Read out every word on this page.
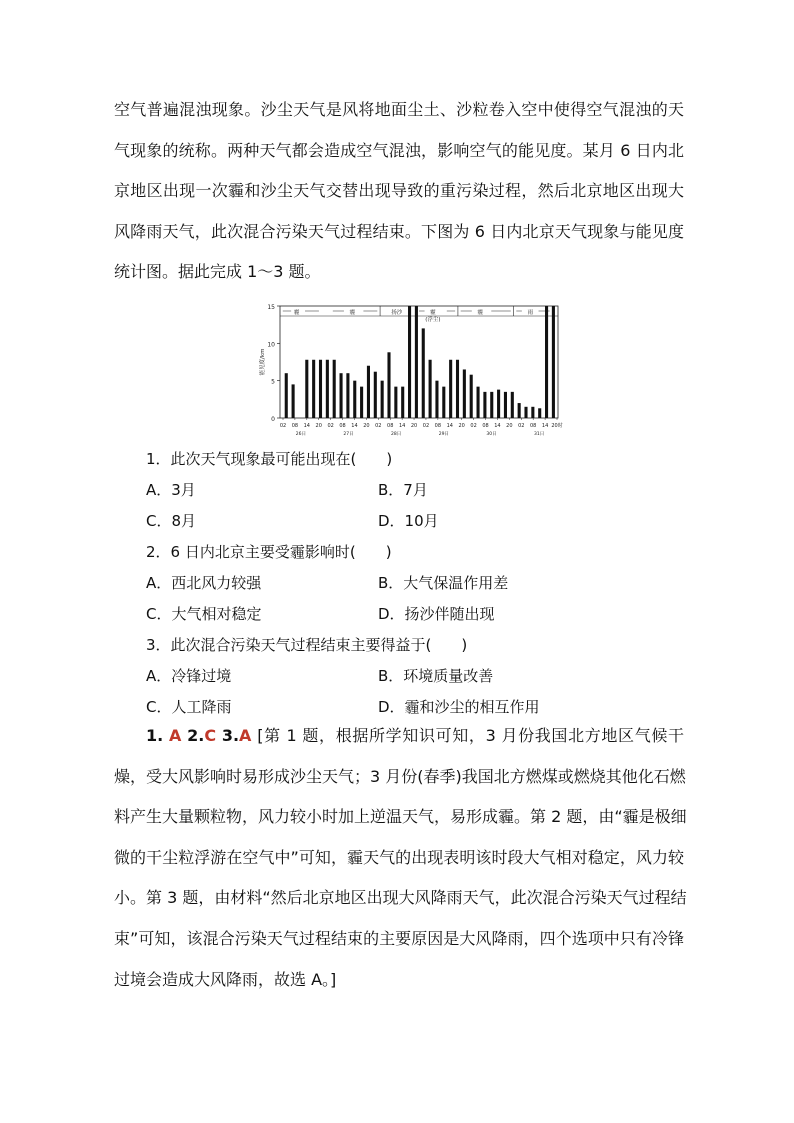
空气普遍混浊现象。沙尘天气是风将地面尘土、沙粒卷入空中使得空气混浊的天
气现象的统称。两种天气都会造成空气混浊，影响空气的能见度。某月 6 日内北
京地区出现一次霾和沙尘天气交替出现导致的重污染过程，然后北京地区出现大
风降雨天气，此次混合污染天气过程结束。下图为 6 日内北京天气现象与能见度
统计图。据此完成 1～3 题。
0
5
10
15
能见度/km
02 08 14 20 02 08 14 20 02 08 14 20 02 08 14 20 02 08 14 20 02 08 14 20时
26日	27日	28日	29日	30日	31日
霾	霾	扬沙	霾
(浮尘)
霾	雨
1．此次天气现象最可能出现在(　　)
A．3月	B．7月
C．8月	D．10月
2．6 日内北京主要受霾影响时(　　)
A．西北风力较强	B．大气保温作用差
C．大气相对稳定	D．扬沙伴随出现
3．此次混合污染天气过程结束主要得益于(　　)
A．冷锋过境	B．环境质量改善
C．人工降雨	D．霾和沙尘的相互作用
1. A 2.C 3.A [第 1 题，根据所学知识可知，3 月份我国北方地区气候干
燥，受大风影响时易形成沙尘天气；3 月份(春季)我国北方燃煤或燃烧其他化石燃
料产生大量颗粒物，风力较小时加上逆温天气，易形成霾。第 2 题，由“霾是极细
微的干尘粒浮游在空气中”可知，霾天气的出现表明该时段大气相对稳定，风力较
小。第 3 题，由材料“然后北京地区出现大风降雨天气，此次混合污染天气过程结
束”可知，该混合污染天气过程结束的主要原因是大风降雨，四个选项中只有冷锋
过境会造成大风降雨，故选 A。]
